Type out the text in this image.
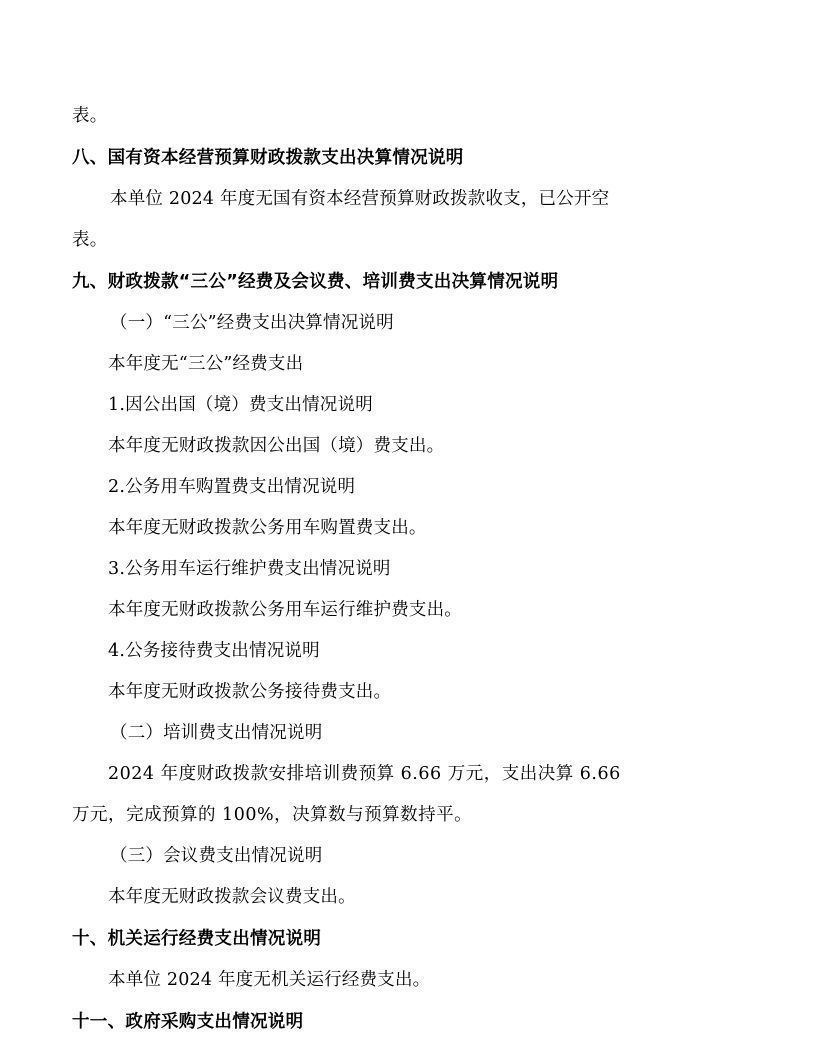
表。

八、国有资本经营预算财政拨款支出决算情况说明

本单位 2024 年度无国有资本经营预算财政拨款收支，已公开空

表。

九、财政拨款“三公”经费及会议费、培训费支出决算情况说明

（一）“三公”经费支出决算情况说明

本年度无“三公”经费支出

1.因公出国（境）费支出情况说明

本年度无财政拨款因公出国（境）费支出。

2.公务用车购置费支出情况说明

本年度无财政拨款公务用车购置费支出。

3.公务用车运行维护费支出情况说明

本年度无财政拨款公务用车运行维护费支出。

4.公务接待费支出情况说明

本年度无财政拨款公务接待费支出。

（二）培训费支出情况说明

2024 年度财政拨款安排培训费预算 6.66 万元，支出决算 6.66

万元，完成预算的 100%，决算数与预算数持平。

（三）会议费支出情况说明

本年度无财政拨款会议费支出。

十、机关运行经费支出情况说明

本单位 2024 年度无机关运行经费支出。

十一、政府采购支出情况说明
